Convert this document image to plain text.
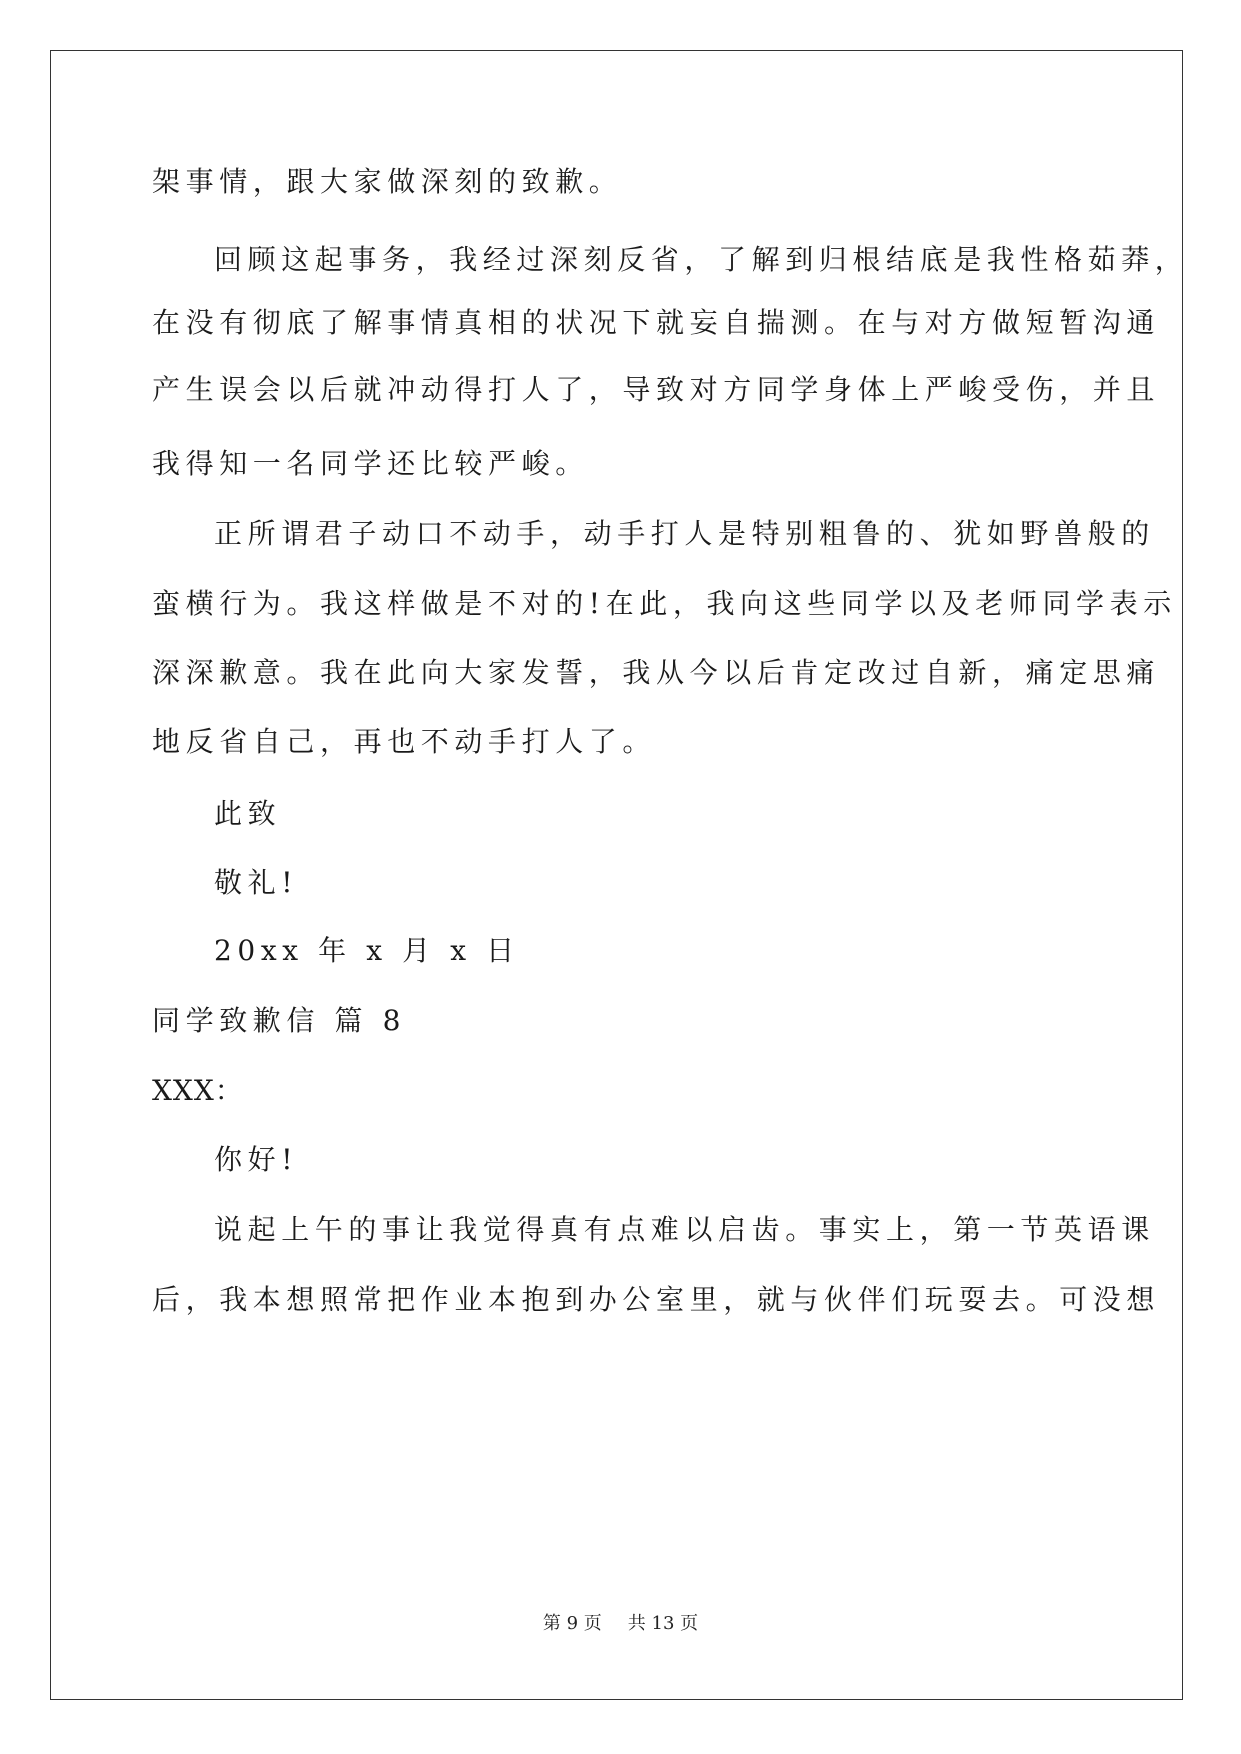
架事情，跟大家做深刻的致歉。
回顾这起事务，我经过深刻反省，了解到归根结底是我性格茹莽，
在没有彻底了解事情真相的状况下就妄自揣测。在与对方做短暂沟通
产生误会以后就冲动得打人了，导致对方同学身体上严峻受伤，并且
我得知一名同学还比较严峻。
正所谓君子动口不动手，动手打人是特别粗鲁的、犹如野兽般的
蛮横行为。我这样做是不对的!在此，我向这些同学以及老师同学表示
深深歉意。我在此向大家发誓，我从今以后肯定改过自新，痛定思痛
地反省自己，再也不动手打人了。
此致
敬礼!
20xx 年 x 月 x 日
同学致歉信 篇 8
XXX：
你好!
说起上午的事让我觉得真有点难以启齿。事实上，第一节英语课
后，我本想照常把作业本抱到办公室里，就与伙伴们玩耍去。可没想
第 9 页 共 13 页
